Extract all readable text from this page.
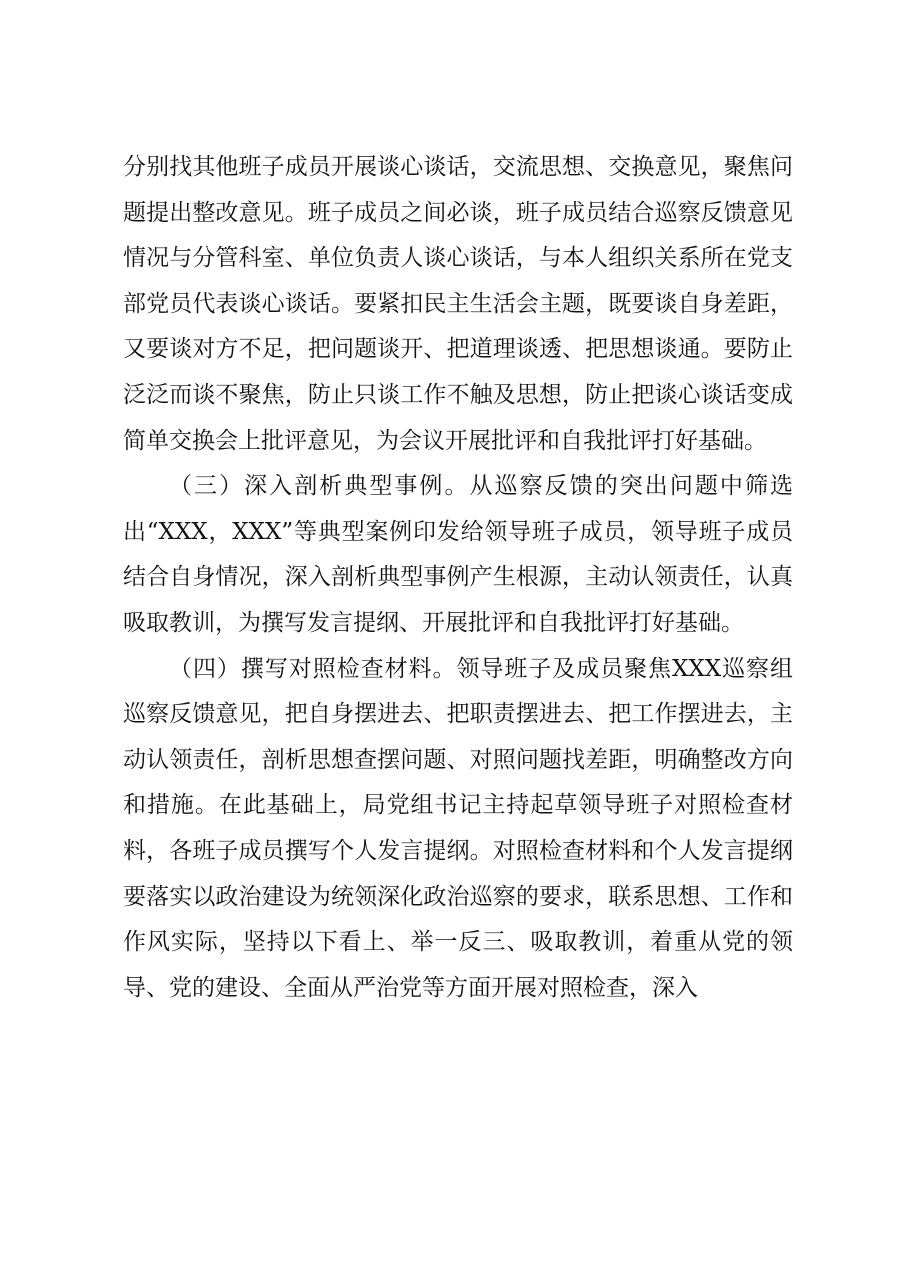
分别找其他班子成员开展谈心谈话，交流思想、交换意见，聚焦问题提出整改意见。班子成员之间必谈，班子成员结合巡察反馈意见情况与分管科室、单位负责人谈心谈话，与本人组织关系所在党支部党员代表谈心谈话。要紧扣民主生活会主题，既要谈自身差距，又要谈对方不足，把问题谈开、把道理谈透、把思想谈通。要防止泛泛而谈不聚焦，防止只谈工作不触及思想，防止把谈心谈话变成简单交换会上批评意见，为会议开展批评和自我批评打好基础。

（三）深入剖析典型事例。从巡察反馈的突出问题中筛选出“XXX，XXX”等典型案例印发给领导班子成员，领导班子成员结合自身情况，深入剖析典型事例产生根源，主动认领责任，认真吸取教训，为撰写发言提纲、开展批评和自我批评打好基础。

（四）撰写对照检查材料。领导班子及成员聚焦XXX巡察组巡察反馈意见，把自身摆进去、把职责摆进去、把工作摆进去，主动认领责任，剖析思想查摆问题、对照问题找差距，明确整改方向和措施。在此基础上，局党组书记主持起草领导班子对照检查材料，各班子成员撰写个人发言提纲。对照检查材料和个人发言提纲要落实以政治建设为统领深化政治巡察的要求，联系思想、工作和作风实际，坚持以下看上、举一反三、吸取教训，着重从党的领导、党的建设、全面从严治党等方面开展对照检查，深入
